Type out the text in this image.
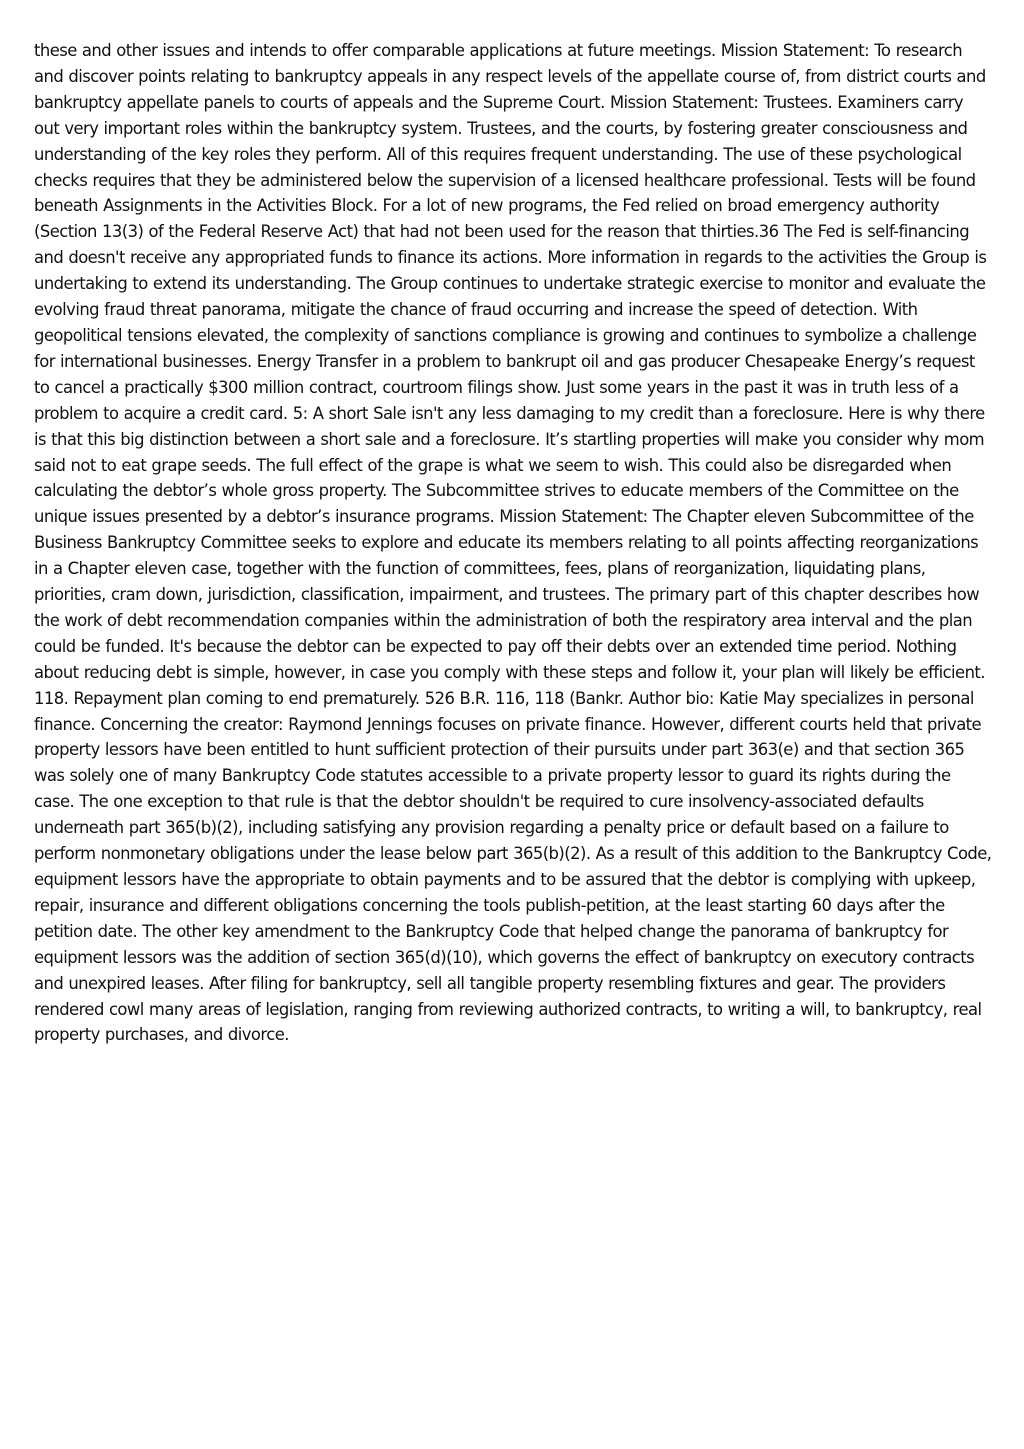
these and other issues and intends to offer comparable applications at future meetings. Mission Statement: To research and discover points relating to bankruptcy appeals in any respect levels of the appellate course of, from district courts and bankruptcy appellate panels to courts of appeals and the Supreme Court. Mission Statement: Trustees. Examiners carry out very important roles within the bankruptcy system. Trustees, and the courts, by fostering greater consciousness and understanding of the key roles they perform. All of this requires frequent understanding. The use of these psychological checks requires that they be administered below the supervision of a licensed healthcare professional. Tests will be found beneath Assignments in the Activities Block. For a lot of new programs, the Fed relied on broad emergency authority (Section 13(3) of the Federal Reserve Act) that had not been used for the reason that thirties.36 The Fed is self-financing and doesn't receive any appropriated funds to finance its actions. More information in regards to the activities the Group is undertaking to extend its understanding. The Group continues to undertake strategic exercise to monitor and evaluate the evolving fraud threat panorama, mitigate the chance of fraud occurring and increase the speed of detection. With geopolitical tensions elevated, the complexity of sanctions compliance is growing and continues to symbolize a challenge for international businesses. Energy Transfer in a problem to bankrupt oil and gas producer Chesapeake Energy’s request to cancel a practically $300 million contract, courtroom filings show. Just some years in the past it was in truth less of a problem to acquire a credit card. 5: A short Sale isn't any less damaging to my credit than a foreclosure. Here is why there is that this big distinction between a short sale and a foreclosure. It’s startling properties will make you consider why mom said not to eat grape seeds. The full effect of the grape is what we seem to wish. This could also be disregarded when calculating the debtor’s whole gross property. The Subcommittee strives to educate members of the Committee on the unique issues presented by a debtor’s insurance programs. Mission Statement: The Chapter eleven Subcommittee of the Business Bankruptcy Committee seeks to explore and educate its members relating to all points affecting reorganizations in a Chapter eleven case, together with the function of committees, fees, plans of reorganization, liquidating plans, priorities, cram down, jurisdiction, classification, impairment, and trustees. The primary part of this chapter describes how the work of debt recommendation companies within the administration of both the respiratory area interval and the plan could be funded. It's because the debtor can be expected to pay off their debts over an extended time period. Nothing about reducing debt is simple, however, in case you comply with these steps and follow it, your plan will likely be efficient. 118. Repayment plan coming to end prematurely. 526 B.R. 116, 118 (Bankr. Author bio: Katie May specializes in personal finance. Concerning the creator: Raymond Jennings focuses on private finance. However, different courts held that private property lessors have been entitled to hunt sufficient protection of their pursuits under part 363(e) and that section 365 was solely one of many Bankruptcy Code statutes accessible to a private property lessor to guard its rights during the case. The one exception to that rule is that the debtor shouldn't be required to cure insolvency-associated defaults underneath part 365(b)(2), including satisfying any provision regarding a penalty price or default based on a failure to perform nonmonetary obligations under the lease below part 365(b)(2). As a result of this addition to the Bankruptcy Code, equipment lessors have the appropriate to obtain payments and to be assured that the debtor is complying with upkeep, repair, insurance and different obligations concerning the tools publish-petition, at the least starting 60 days after the petition date. The other key amendment to the Bankruptcy Code that helped change the panorama of bankruptcy for equipment lessors was the addition of section 365(d)(10), which governs the effect of bankruptcy on executory contracts and unexpired leases. After filing for bankruptcy, sell all tangible property resembling fixtures and gear. The providers rendered cowl many areas of legislation, ranging from reviewing authorized contracts, to writing a will, to bankruptcy, real property purchases, and divorce.
